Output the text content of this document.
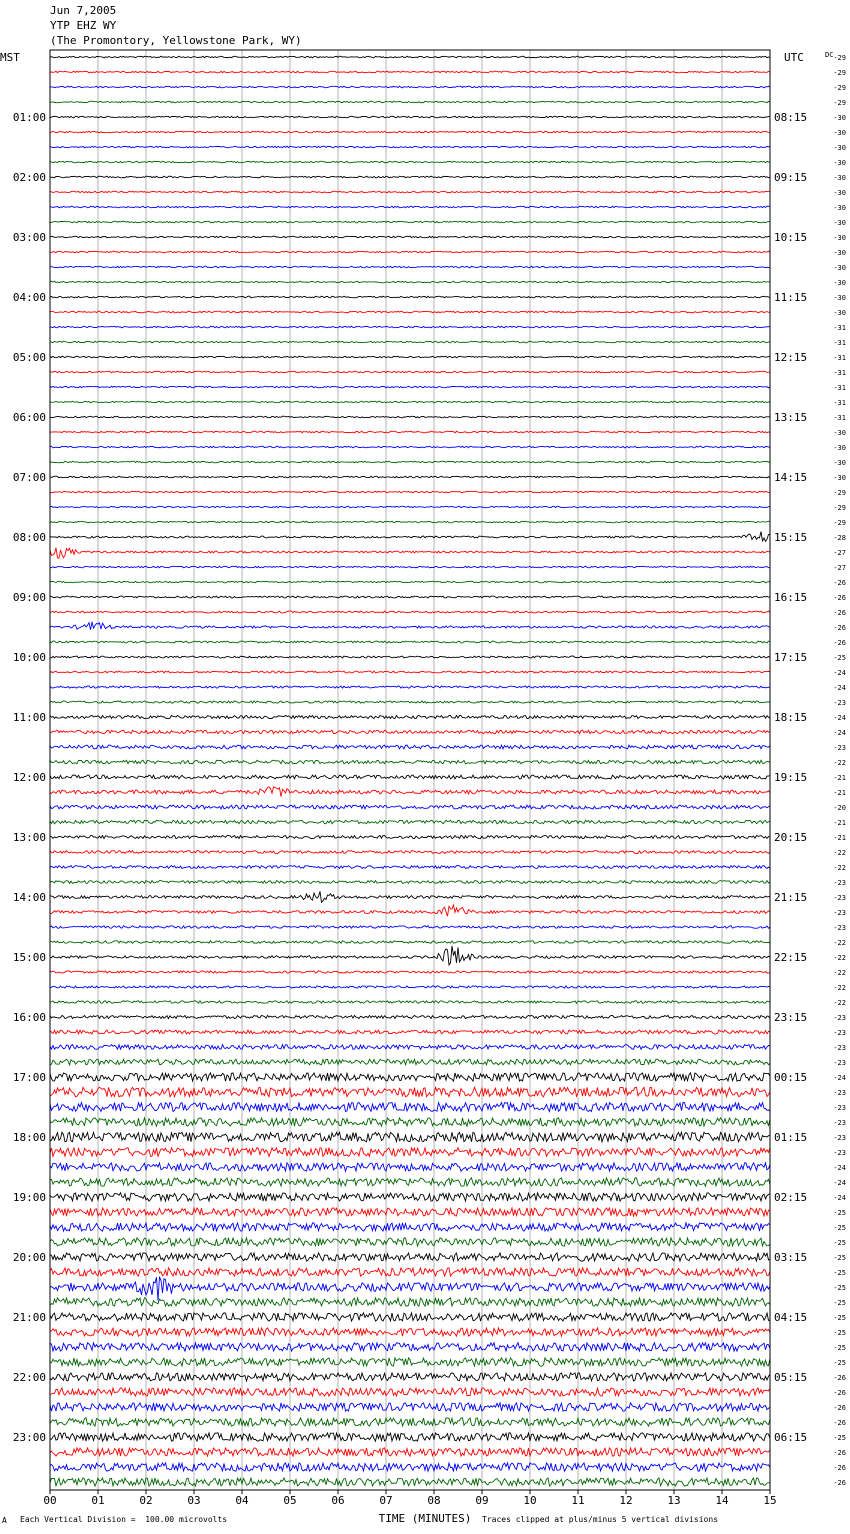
Jun 7,2005
YTP EHZ WY
(The Promontory, Yellowstone Park, WY)
MST	UTC	DC
TIME (MINUTES)
01:00
02:00
03:00
04:00
05:00
06:00
07:00
08:00
09:00
10:00
11:00
12:00
13:00
14:00
15:00
16:00
17:00
18:00
19:00
20:00
21:00
22:00
23:00
08:15
09:15
10:15
11:15
12:15
13:15
14:15
15:15
16:15
17:15
18:15
19:15
20:15
21:15
22:15
23:15
00:15
01:15
02:15
03:15
04:15
05:15
06:15
-29
-29
-29
-29
-30
-30
-30
-30
-30
-30
-30
-30
-30
-30
-30
-30
-30
-30
-31
-31
-31
-31
-31
-31
-31
-30
-30
-30
-30
-29
-29
-29
-28
-27
-27
-26
-26
-26
-26
-26
-25
-24
-24
-23
-24
-24
-23
-22
-21
-21
-20
-21
-21
-22
-22
-23
-23
-23
-23
-22
-22
-22
-22
-22
-23
-23
-23
-23
-24
-23
-23
-23
-23
-23
-24
-24
-24
-25
-25
-25
-25
-25
-25
-25
-25
-25
-25
-25
-26
-26
-26
-26
-25
-26
-26
-26
00	01	02	03	04	05	06	07	08	09	10	11	12	13	14	15
A Each Vertical Division =  100.00 microvolts	Traces clipped at plus/minus 5 vertical divisions
